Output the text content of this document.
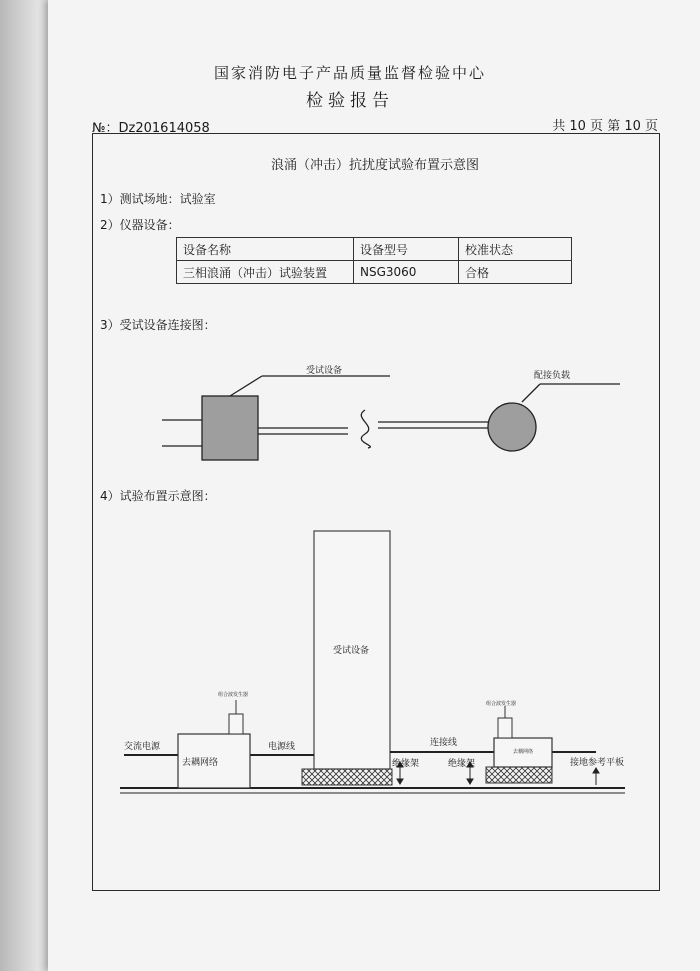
国家消防电子产品质量监督检验中心
检验报告
№：Dz201614058	共 10 页 第 10 页
浪涌（冲击）抗扰度试验布置示意图
1）测试场地：试验室
2）仪器设备：
设备名称	设备型号	校准状态
三相浪涌（冲击）试验装置	NSG3060	合格
3）受试设备连接图：
受试设备	配接负载
4）试验布置示意图：
受试设备
交流电源
去耦网络
电源线	连接线
绝缘架	绝缘架
组合波发生器
组合波发生器
去耦网络
接地参考平板
